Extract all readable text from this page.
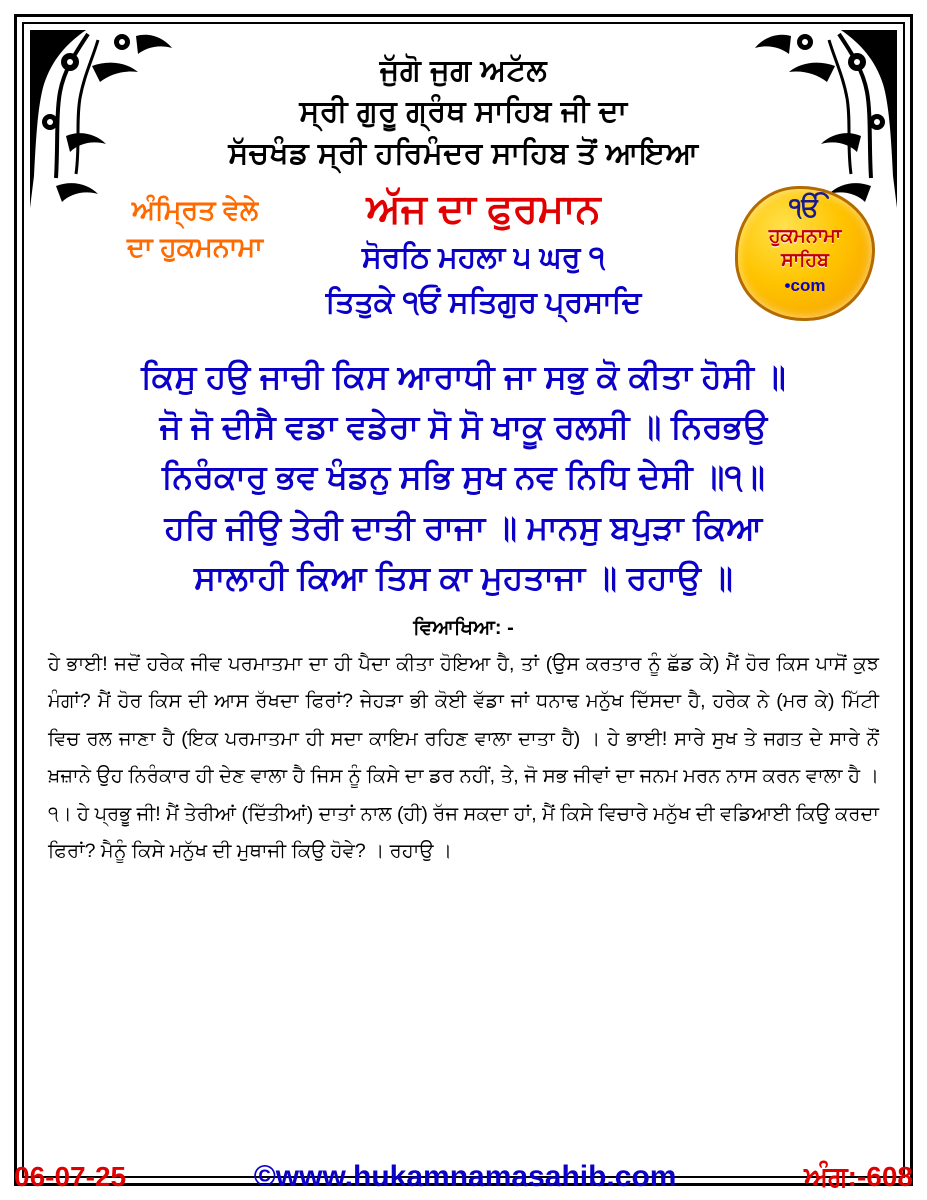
ਜੁੱਗੋ ਜੁਗ ਅਟੱਲ
ਸ੍ਰੀ ਗੁਰੂ ਗ੍ਰੰਥ ਸਾਹਿਬ ਜੀ ਦਾ
ਸੱਚਖੰਡ ਸ੍ਰੀ ਹਰਿਮੰਦਰ ਸਾਹਿਬ ਤੋਂ ਆਇਆ
ਅੰਮ੍ਰਿਤ ਵੇਲੇ ਦਾ ਹੁਕਮਨਾਮਾ
ਅੱਜ ਦਾ ਫੁਰਮਾਨ
ਸੋਰਠਿ ਮਹਲਾ ੫ ਘਰੁ ੧
ਤਿਤੁਕੇ ੧ਓਂ ਸਤਿਗੁਰ ਪ੍ਰਸਾਦਿ
ੴ
ਹੁਕਮਨਾਮਾ
ਸਾਹਿਬ
•com
ਕਿਸੁ ਹਉ ਜਾਚੀ ਕਿਸ ਆਰਾਧੀ ਜਾ ਸਭੁ ਕੋ ਕੀਤਾ ਹੋਸੀ ॥
ਜੋ ਜੋ ਦੀਸੈ ਵਡਾ ਵਡੇਰਾ ਸੋ ਸੋ ਖਾਕੂ ਰਲਸੀ ॥ ਨਿਰਭਉ
ਨਿਰੰਕਾਰੁ ਭਵ ਖੰਡਨੁ ਸਭਿ ਸੁਖ ਨਵ ਨਿਧਿ ਦੇਸੀ ॥੧॥
ਹਰਿ ਜੀਉ ਤੇਰੀ ਦਾਤੀ ਰਾਜਾ ॥ ਮਾਨਸੁ ਬਪੁੜਾ ਕਿਆ
ਸਾਲਾਹੀ ਕਿਆ ਤਿਸ ਕਾ ਮੁਹਤਾਜਾ ॥ ਰਹਾਉ ॥
ਵਿਆਖਿਆ: -
ਹੇ ਭਾਈ! ਜਦੋਂ ਹਰੇਕ ਜੀਵ ਪਰਮਾਤਮਾ ਦਾ ਹੀ ਪੈਦਾ ਕੀਤਾ ਹੋਇਆ ਹੈ, ਤਾਂ (ਉਸ ਕਰਤਾਰ ਨੂੰ ਛੱਡ ਕੇ) ਮੈਂ ਹੋਰ ਕਿਸ ਪਾਸੋਂ ਕੁਝ ਮੰਗਾਂ? ਮੈਂ ਹੋਰ ਕਿਸ ਦੀ ਆਸ ਰੱਖਦਾ ਫਿਰਾਂ? ਜੇਹੜਾ ਭੀ ਕੋਈ ਵੱਡਾ ਜਾਂ ਧਨਾਢ ਮਨੁੱਖ ਦਿੱਸਦਾ ਹੈ, ਹਰੇਕ ਨੇ (ਮਰ ਕੇ) ਮਿੱਟੀ ਵਿਚ ਰਲ ਜਾਣਾ ਹੈ (ਇਕ ਪਰਮਾਤਮਾ ਹੀ ਸਦਾ ਕਾਇਮ ਰਹਿਣ ਵਾਲਾ ਦਾਤਾ ਹੈ) । ਹੇ ਭਾਈ! ਸਾਰੇ ਸੁਖ ਤੇ ਜਗਤ ਦੇ ਸਾਰੇ ਨੌਂ ਖ਼ਜ਼ਾਨੇ ਉਹ ਨਿਰੰਕਾਰ ਹੀ ਦੇਣ ਵਾਲਾ ਹੈ ਜਿਸ ਨੂੰ ਕਿਸੇ ਦਾ ਡਰ ਨਹੀਂ, ਤੇ, ਜੋ ਸਭ ਜੀਵਾਂ ਦਾ ਜਨਮ ਮਰਨ ਨਾਸ ਕਰਨ ਵਾਲਾ ਹੈ ।੧। ਹੇ ਪ੍ਰਭੂ ਜੀ! ਮੈਂ ਤੇਰੀਆਂ (ਦਿੱਤੀਆਂ) ਦਾਤਾਂ ਨਾਲ (ਹੀ) ਰੱਜ ਸਕਦਾ ਹਾਂ, ਮੈਂ ਕਿਸੇ ਵਿਚਾਰੇ ਮਨੁੱਖ ਦੀ ਵਡਿਆਈ ਕਿਉ ਕਰਦਾ ਫਿਰਾਂ? ਮੈਨੂੰ ਕਿਸੇ ਮਨੁੱਖ ਦੀ ਮੁਥਾਜੀ ਕਿਉ ਹੋਵੇ? । ਰਹਾਉ ।
06-07-25	©www.hukamnamasahib.com	ਅੰਗ:-608
